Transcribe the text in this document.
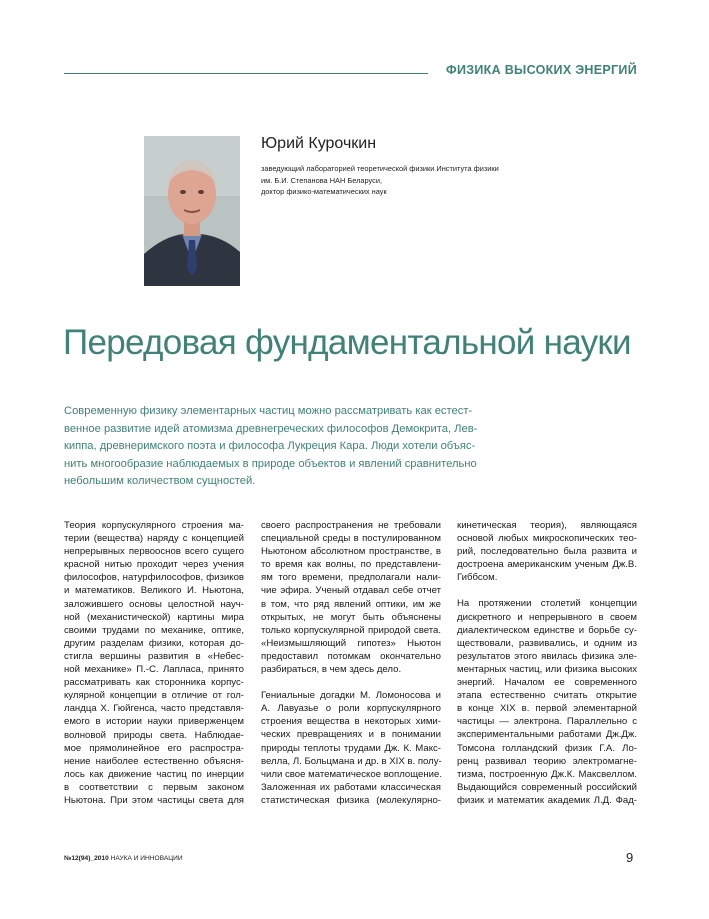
ФИЗИКА ВЫСОКИХ ЭНЕРГИЙ
Юрий Курочкин
заведующий лабораторией теоретической физики Института физики
им. Б.И. Степанова НАН Беларуси,
доктор физико-математических наук
Передовая фундаментальной науки
Современную физику элементарных частиц можно рассматривать как естест-
венное развитие идей атомизма древнегреческих философов Демокрита, Лев-
киппа, древнеримского поэта и философа Лукреция Кара. Люди хотели объяс-
нить многообразие наблюдаемых в природе объектов и явлений сравнительно
небольшим количеством сущностей.
Теория корпускулярного строения ма-
терии (вещества) наряду с концепцией
непрерывных первооснов всего сущего
красной нитью проходит через учения
философов, натурфилософов, физиков
и математиков. Великого И. Ньютона,
заложившего основы целостной науч-
ной (механистической) картины мира
своими трудами по механике, оптике,
другим разделам физики, которая до-
стигла вершины развития в «Небес-
ной механике» П.-С. Лапласа, принято
рассматривать как сторонника корпус-
кулярной концепции в отличие от гол-
ландца Х. Гюйгенса, часто представля-
емого в истории науки приверженцем
волновой природы света. Наблюдае-
мое прямолинейное его распростра-
нение наиболее естественно объясня-
лось как движение частиц по инерции
в соответствии с первым законом
Ньютона. При этом частицы света для
своего распространения не требовали
специальной среды в постулированном
Ньютоном абсолютном пространстве, в
то время как волны, по представлени-
ям того времени, предполагали нали-
чие эфира. Ученый отдавал себе отчет
в том, что ряд явлений оптики, им же
открытых, не могут быть объяснены
только корпускулярной природой света.
«Неизмышляющий гипотез» Ньютон
предоставил потомкам окончательно
разбираться, в чем здесь дело.
Гениальные догадки М. Ломоносова и
А. Лавуазье о роли корпускулярного
строения вещества в некоторых хими-
ческих превращениях и в понимании
природы теплоты трудами Дж. К. Макс-
велла, Л. Больцмана и др. в XIX в. полу-
чили свое математическое воплощение.
Заложенная их работами классическая
статистическая физика (молекулярно-
кинетическая теория), являющаяся
основой любых микроскопических тео-
рий, последовательно была развита и
достроена американским ученым Дж.В.
Гиббсом.
На протяжении столетий концепции
дискретного и непрерывного в своем
диалектическом единстве и борьбе су-
ществовали, развивались, и одним из
результатов этого явилась физика эле-
ментарных частиц, или физика высоких
энергий. Началом ее современного
этапа естественно считать открытие
в конце XIX в. первой элементарной
частицы — электрона. Параллельно с
экспериментальными работами Дж.Дж.
Томсона голландский физик Г.А. Ло-
ренц развивал теорию электромагне-
тизма, построенную Дж.К. Максвеллом.
Выдающийся современный российский
физик и математик академик Л.Д. Фад-
№12(94)_2010 НАУКА И ИННОВАЦИИ	9
